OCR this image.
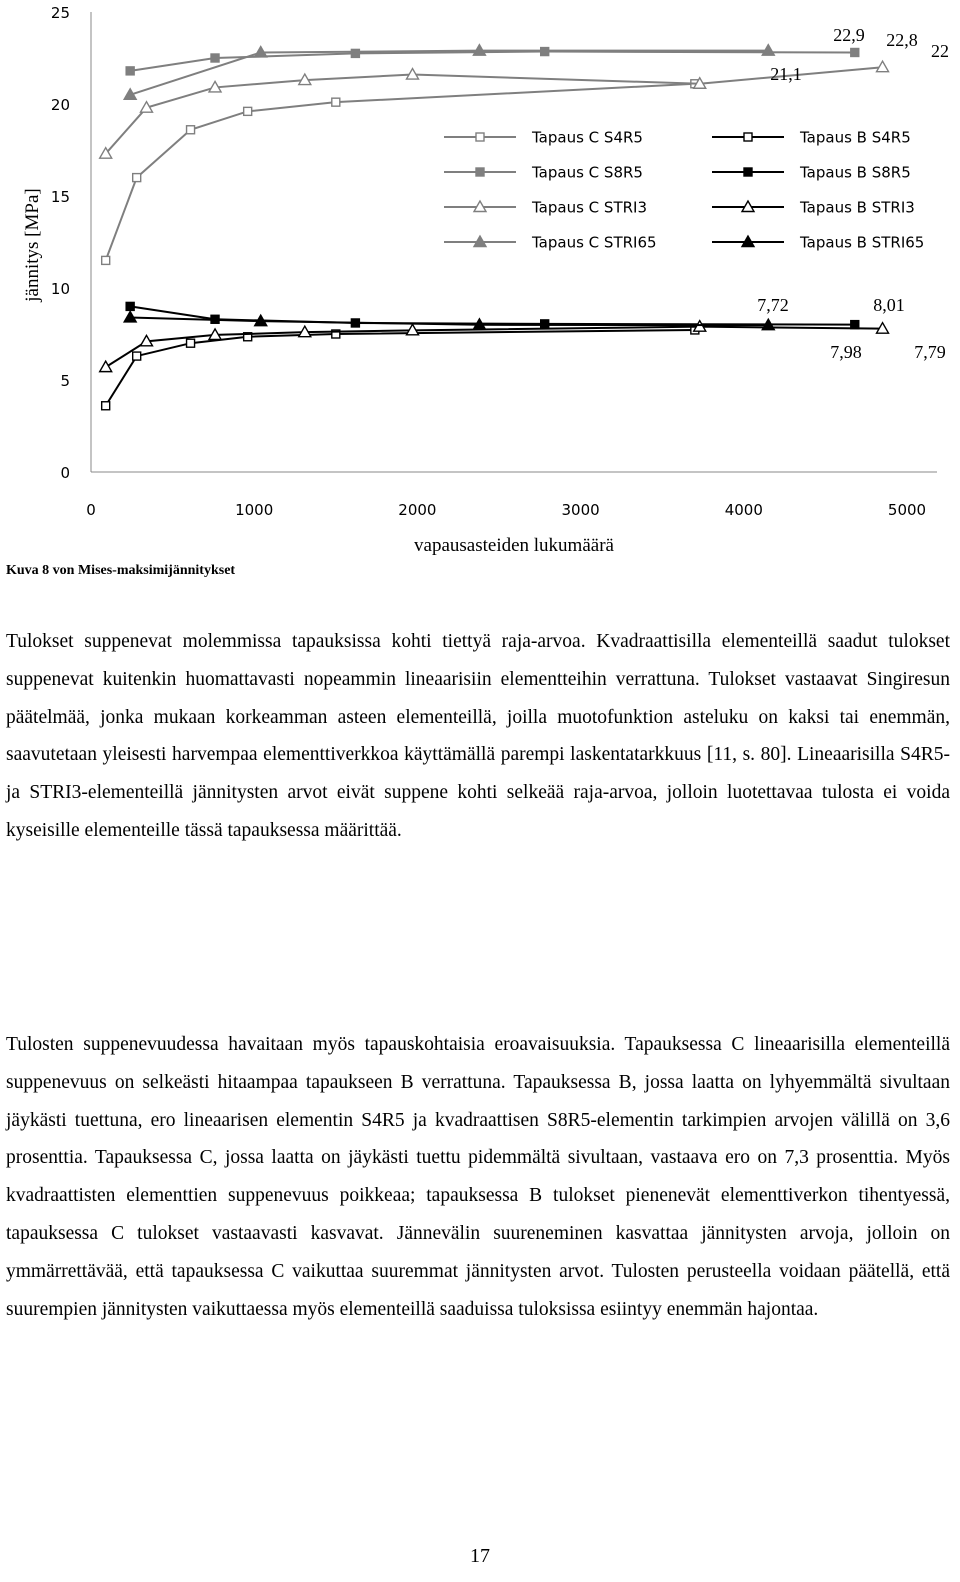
0
5
10
15
20
25
0	1000	2000	3000	4000	5000
vapausasteiden lukumäärä
jännitys [MPa]
Tapaus C S4R5
Tapaus C S8R5
Tapaus C STRI3
Tapaus C STRI65
Tapaus B S4R5
Tapaus B S8R5
Tapaus B STRI3
Tapaus B STRI65
22,9 22,8
22
21,1
7,72	8,01
7,98	7,79

Kuva 8 von Mises-maksimijännitykset

Tulokset suppenevat molemmissa tapauksissa kohti tiettyä raja-arvoa. Kvadraattisilla elementeillä saadut tulokset suppenevat kuitenkin huomattavasti nopeammin lineaarisiin elementteihin verrattuna. Tulokset vastaavat Singiresun päätelmää, jonka mukaan korkeamman asteen elementeillä, joilla muotofunktion asteluku on kaksi tai enemmän, saavutetaan yleisesti harvempaa elementtiverkkoa käyttämällä parempi laskentatarkkuus [11, s. 80]. Lineaarisilla S4R5- ja STRI3-elementeillä jännitysten arvot eivät suppene kohti selkeää raja-arvoa, jolloin luotettavaa tulosta ei voida kyseisille elementeille tässä tapauksessa määrittää.

Tulosten suppenevuudessa havaitaan myös tapauskohtaisia eroavaisuuksia. Tapauksessa C lineaarisilla elementeillä suppenevuus on selkeästi hitaampaa tapaukseen B verrattuna. Tapauksessa B, jossa laatta on lyhyemmältä sivultaan jäykästi tuettuna, ero lineaarisen elementin S4R5 ja kvadraattisen S8R5-elementin tarkimpien arvojen välillä on 3,6 prosenttia. Tapauksessa C, jossa laatta on jäykästi tuettu pidemmältä sivultaan, vastaava ero on 7,3 prosenttia. Myös kvadraattisten elementtien suppenevuus poikkeaa; tapauksessa B tulokset pienenevät elementtiverkon tihentyessä, tapauksessa C tulokset vastaavasti kasvavat. Jännevälin suureneminen kasvattaa jännitysten arvoja, jolloin on ymmärrettävää, että tapauksessa C vaikuttaa suuremmat jännitysten arvot. Tulosten perusteella voidaan päätellä, että suurempien jännitysten vaikuttaessa myös elementeillä saaduissa tuloksissa esiintyy enemmän hajontaa.

17
